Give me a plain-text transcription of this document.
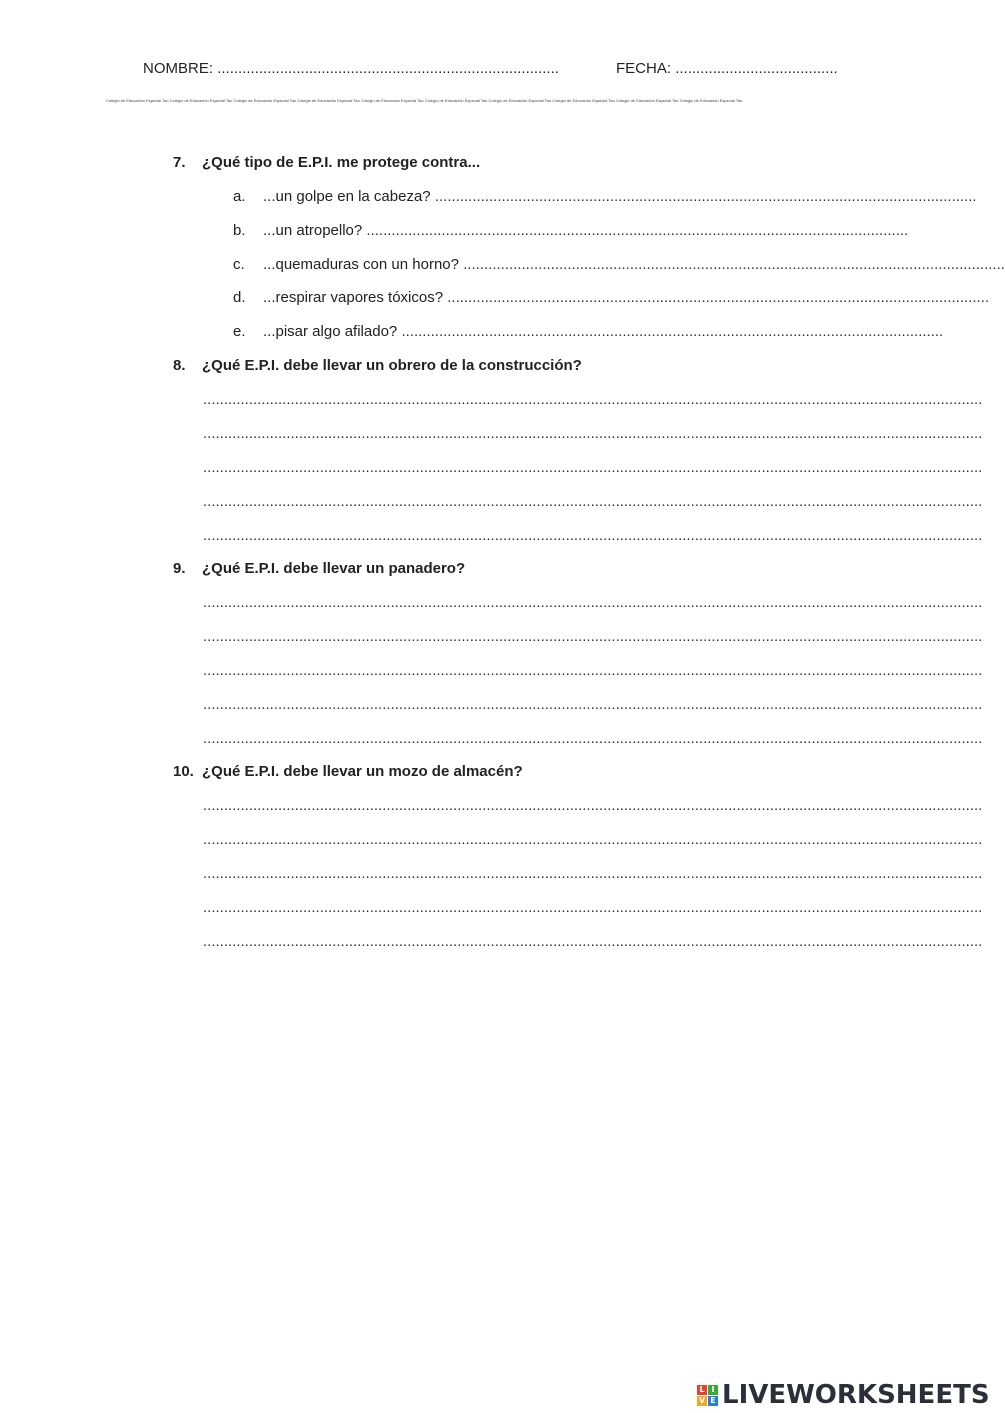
NOMBRE: ..................................................................................	FECHA: .......................................
Colegio de Educación Especial Tao Colegio de Educación Especial Tao Colegio de Educación Especial Tao Colegio de Educación Especial Tao Colegio de Educación Especial Tao Colegio de Educación Especial Tao Colegio de Educación Especial Tao Colegio de Educación Especial Tao Colegio de Educación Especial Tao Colegio de Educación Especial Tao
7. ¿Qué tipo de E.P.I. me protege contra...
a. ...un golpe en la cabeza? ..................................................................................................................................
b. ...un atropello? ..................................................................................................................................
c. ...quemaduras con un horno? ..................................................................................................................................
d. ...respirar vapores tóxicos? ..................................................................................................................................
e. ...pisar algo afilado? ..................................................................................................................................
8. ¿Qué E.P.I. debe llevar un obrero de la construcción?
...........................................................................................................................................................................................
...........................................................................................................................................................................................
...........................................................................................................................................................................................
...........................................................................................................................................................................................
...........................................................................................................................................................................................
9. ¿Qué E.P.I. debe llevar un panadero?
...........................................................................................................................................................................................
...........................................................................................................................................................................................
...........................................................................................................................................................................................
...........................................................................................................................................................................................
...........................................................................................................................................................................................
10. ¿Qué E.P.I. debe llevar un mozo de almacén?
...........................................................................................................................................................................................
...........................................................................................................................................................................................
...........................................................................................................................................................................................
...........................................................................................................................................................................................
...........................................................................................................................................................................................
L I
V E LIVEWORKSHEETS
